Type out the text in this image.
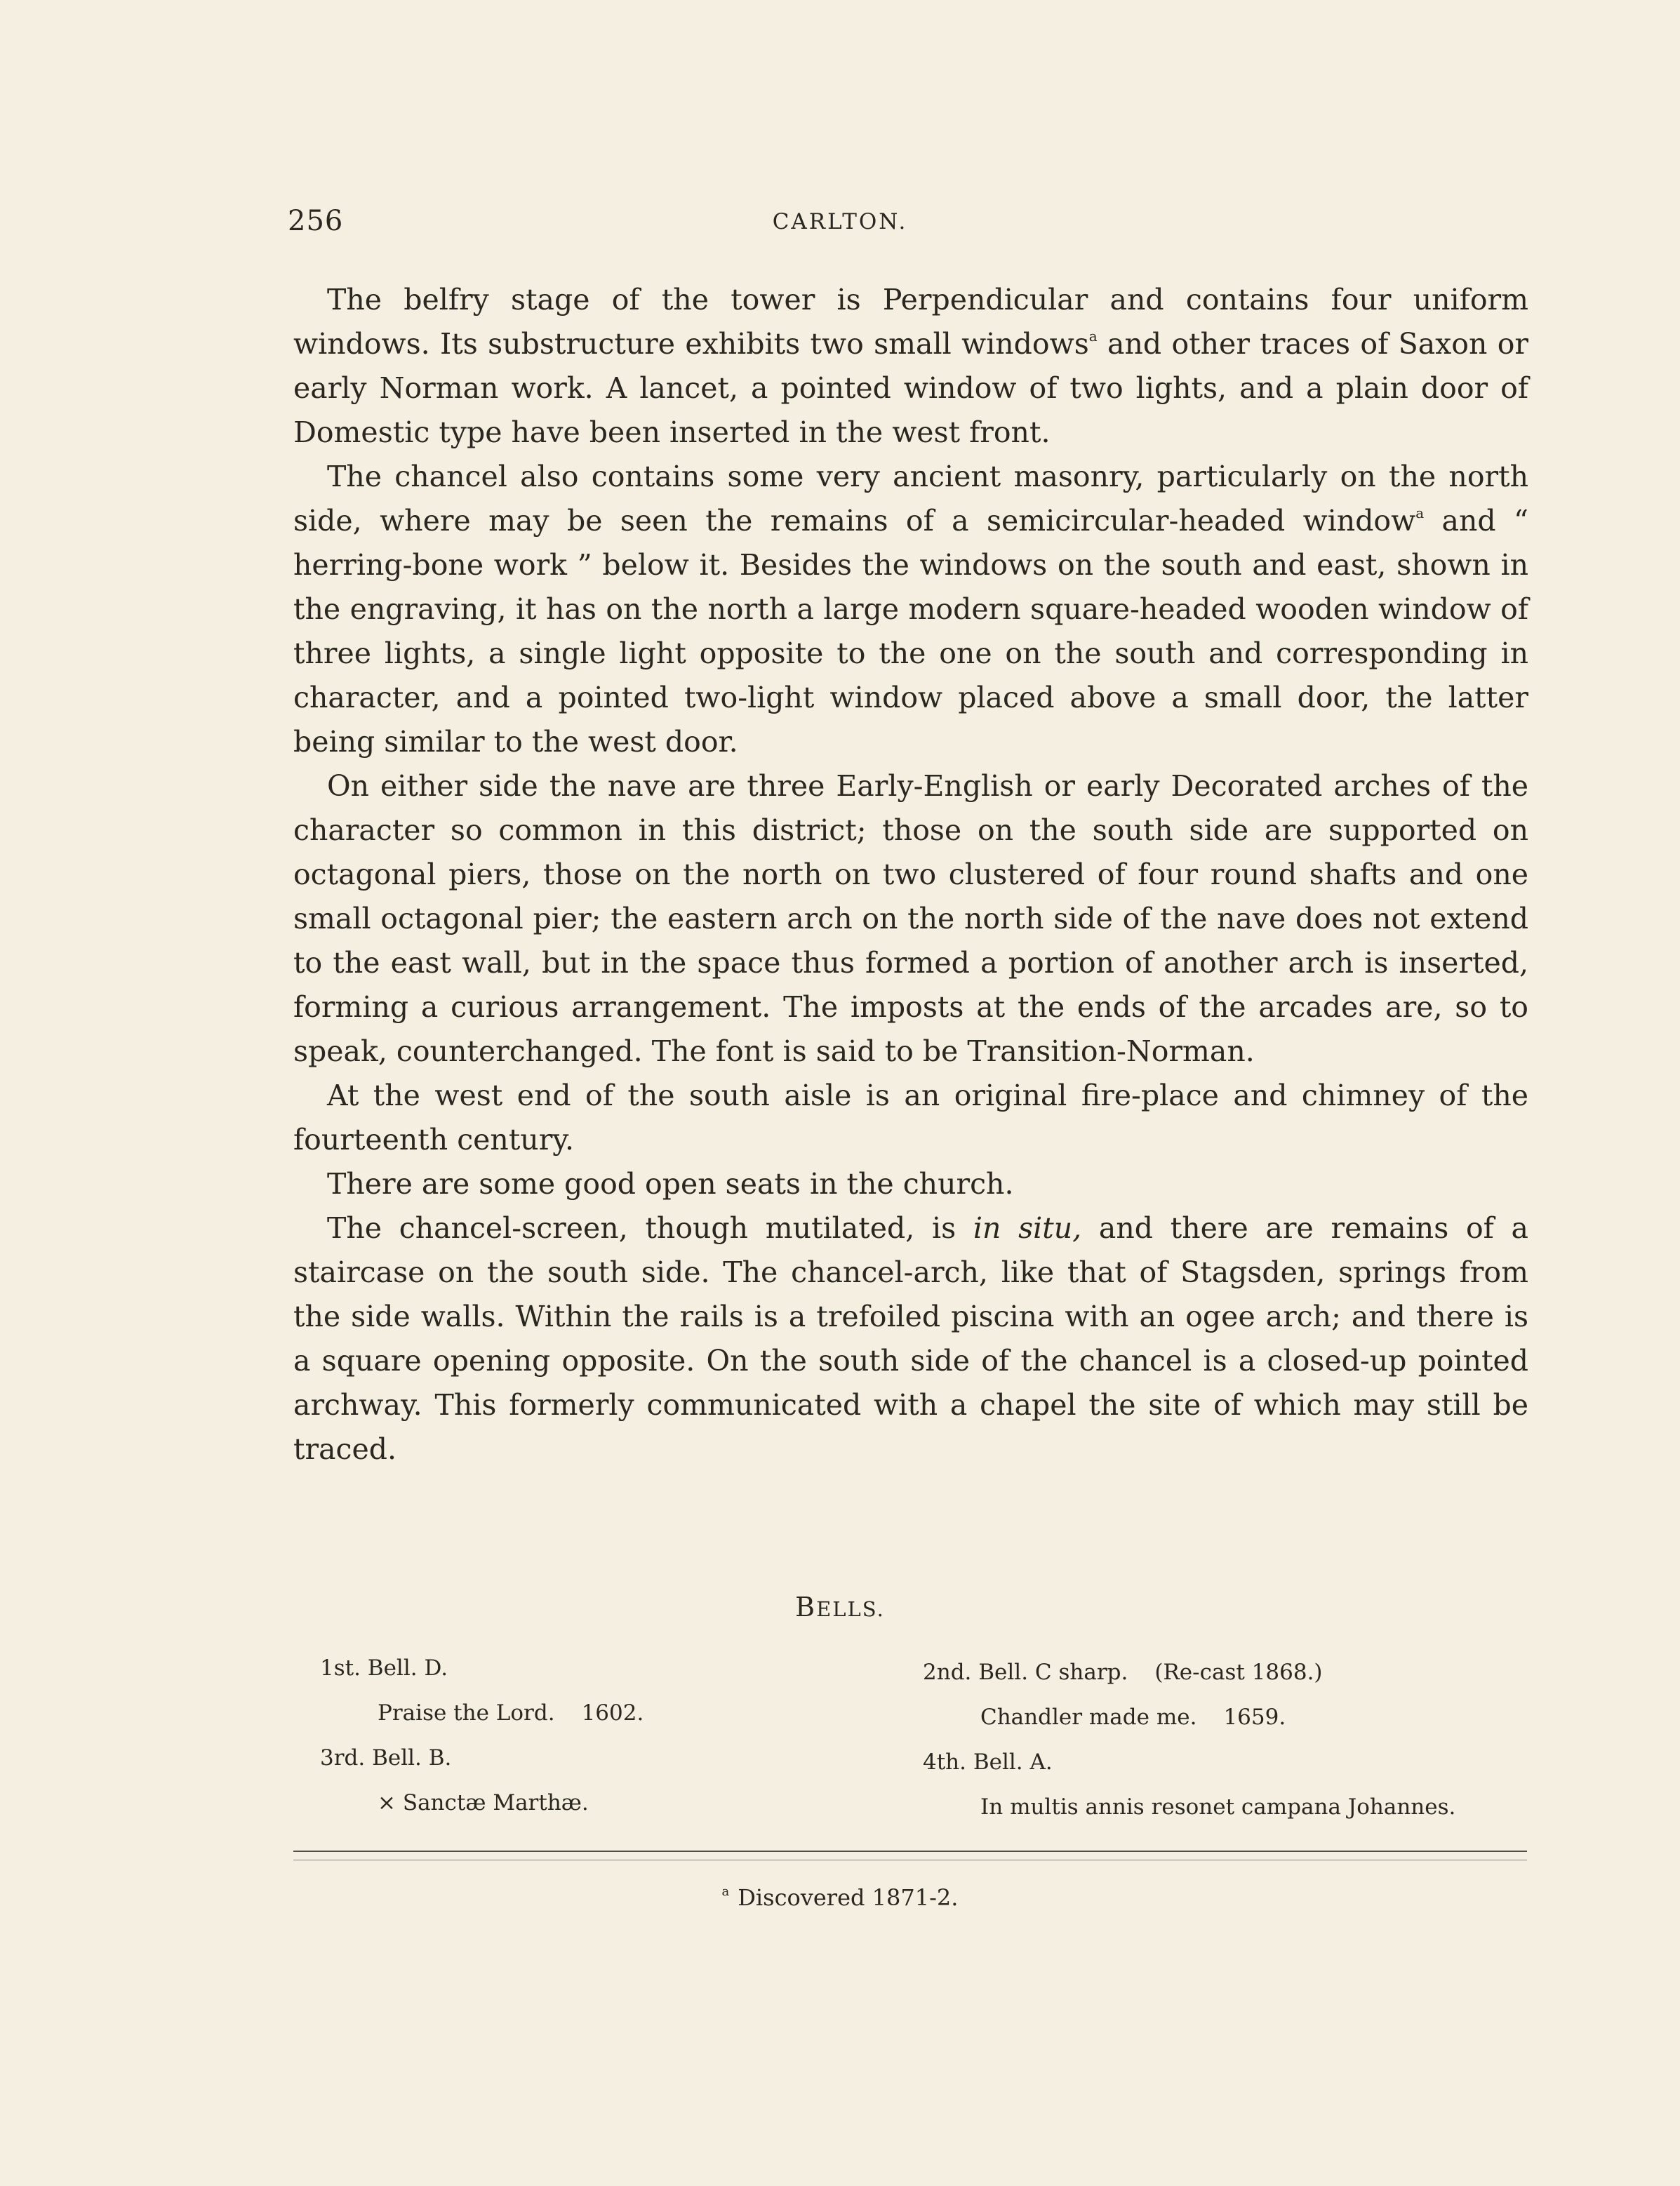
256	CARLTON.

The belfry stage of the tower is Perpendicular and contains four uniform windows. Its substructure exhibits two small windows$^a$ and other traces of Saxon or early Norman work. A lancet, a pointed window of two lights, and a plain door of Domestic type have been inserted in the west front.

The chancel also contains some very ancient masonry, particularly on the north side, where may be seen the remains of a semicircular-headed window$^a$ and “ herring-bone work ” below it. Besides the windows on the south and east, shown in the engraving, it has on the north a large modern square-headed wooden window of three lights, a single light opposite to the one on the south and corresponding in character, and a pointed two-light window placed above a small door, the latter being similar to the west door.

On either side the nave are three Early-English or early Decorated arches of the character so common in this district; those on the south side are supported on octagonal piers, those on the north on two clustered of four round shafts and one small octagonal pier; the eastern arch on the north side of the nave does not extend to the east wall, but in the space thus formed a portion of another arch is inserted, forming a curious arrangement. The imposts at the ends of the arcades are, so to speak, counterchanged. The font is said to be Transition-Norman.

At the west end of the south aisle is an original fire-place and chimney of the fourteenth century.

There are some good open seats in the church.

The chancel-screen, though mutilated, is in situ, and there are remains of a staircase on the south side. The chancel-arch, like that of Stagsden, springs from the side walls. Within the rails is a trefoiled piscina with an ogee arch; and there is a square opening opposite. On the south side of the chancel is a closed-up pointed archway. This formerly communicated with a chapel the site of which may still be traced.

BELLS.
1st. Bell. D.
Praise the Lord. 1602.
3rd. Bell. B.
× Sanctæ Marthæ.
2nd. Bell. C sharp. (Re-cast 1868.)
Chandler made me. 1659.
4th. Bell. A.
In multis annis resonet campana Johannes.
$^a$ Discovered 1871-2.
